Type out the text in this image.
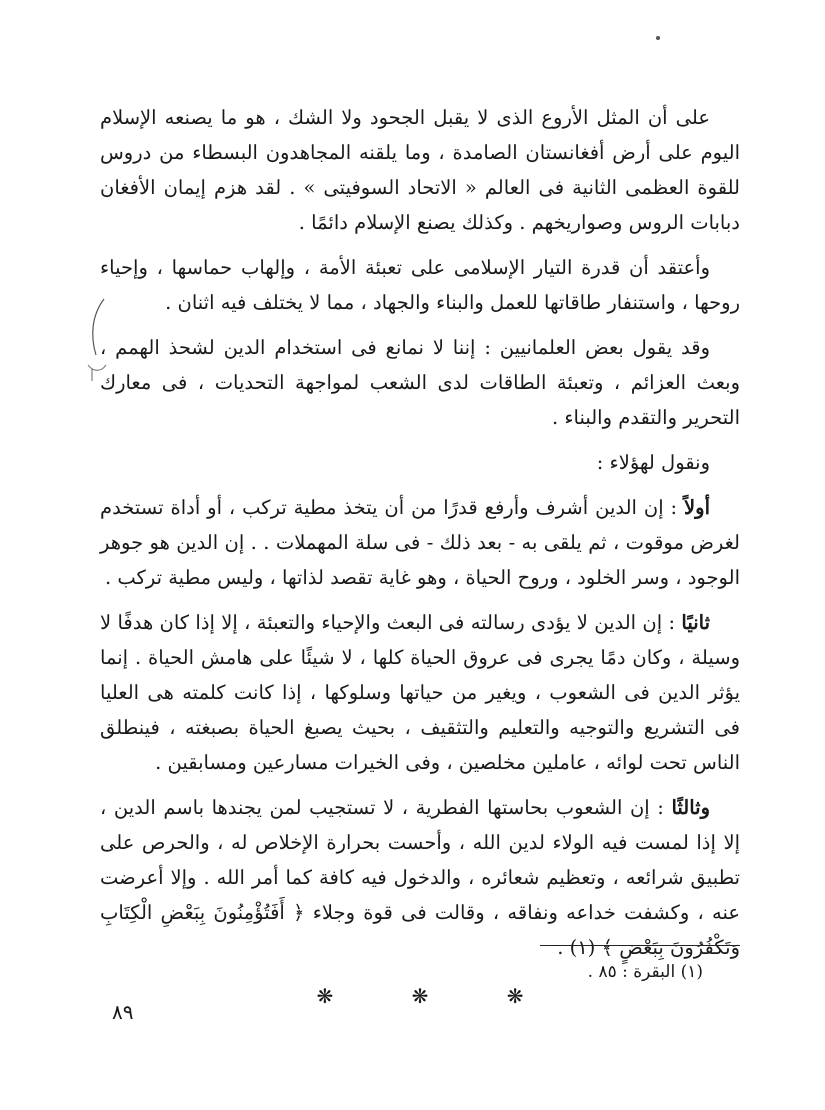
على أن المثل الأروع الذى لا يقبل الجحود ولا الشك ، هو ما يصنعه الإسلام اليوم على أرض أفغانستان الصامدة ، وما يلقنه المجاهدون البسطاء من دروس للقوة العظمى الثانية فى العالم « الاتحاد السوفيتى » . لقد هزم إيمان الأفغان دبابات الروس وصواريخهم . وكذلك يصنع الإسلام دائمًا .

وأعتقد أن قدرة التيار الإسلامى على تعبئة الأمة ، وإلهاب حماسها ، وإحياء روحها ، واستنفار طاقاتها للعمل والبناء والجهاد ، مما لا يختلف فيه اثنان .

وقد يقول بعض العلمانيين : إننا لا نمانع فى استخدام الدين لشحذ الهمم ، وبعث العزائم ، وتعبئة الطاقات لدى الشعب لمواجهة التحديات ، فى معارك التحرير والتقدم والبناء .

ونقول لهؤلاء :

أولاً : إن الدين أشرف وأرفع قدرًا من أن يتخذ مطية تركب ، أو أداة تستخدم لغرض موقوت ، ثم يلقى به - بعد ذلك - فى سلة المهملات . . إن الدين هو جوهر الوجود ، وسر الخلود ، وروح الحياة ، وهو غاية تقصد لذاتها ، وليس مطية تركب .

ثانيًا : إن الدين لا يؤدى رسالته فى البعث والإحياء والتعبئة ، إلا إذا كان هدفًا لا وسيلة ، وكان دمًا يجرى فى عروق الحياة كلها ، لا شيئًا على هامش الحياة . إنما يؤثر الدين فى الشعوب ، ويغير من حياتها وسلوكها ، إذا كانت كلمته هى العليا فى التشريع والتوجيه والتعليم والتثقيف ، بحيث يصبغ الحياة بصبغته ، فينطلق الناس تحت لوائه ، عاملين مخلصين ، وفى الخيرات مسارعين ومسابقين .

وثالثًا : إن الشعوب بحاستها الفطرية ، لا تستجيب لمن يجندها باسم الدين ، إلا إذا لمست فيه الولاء لدين الله ، وأحست بحرارة الإخلاص له ، والحرص على تطبيق شرائعه ، وتعظيم شعائره ، والدخول فيه كافة كما أمر الله . وإلا أعرضت عنه ، وكشفت خداعه ونفاقه ، وقالت فى قوة وجلاء ﴿ أَفَتُؤْمِنُونَ بِبَعْضِ الْكِتَابِ وَتَكْفُرُونَ بِبَعْضٍ ﴾ (١) .

❋ ❋ ❋
(١) البقرة : ٨٥ .
٨٩
